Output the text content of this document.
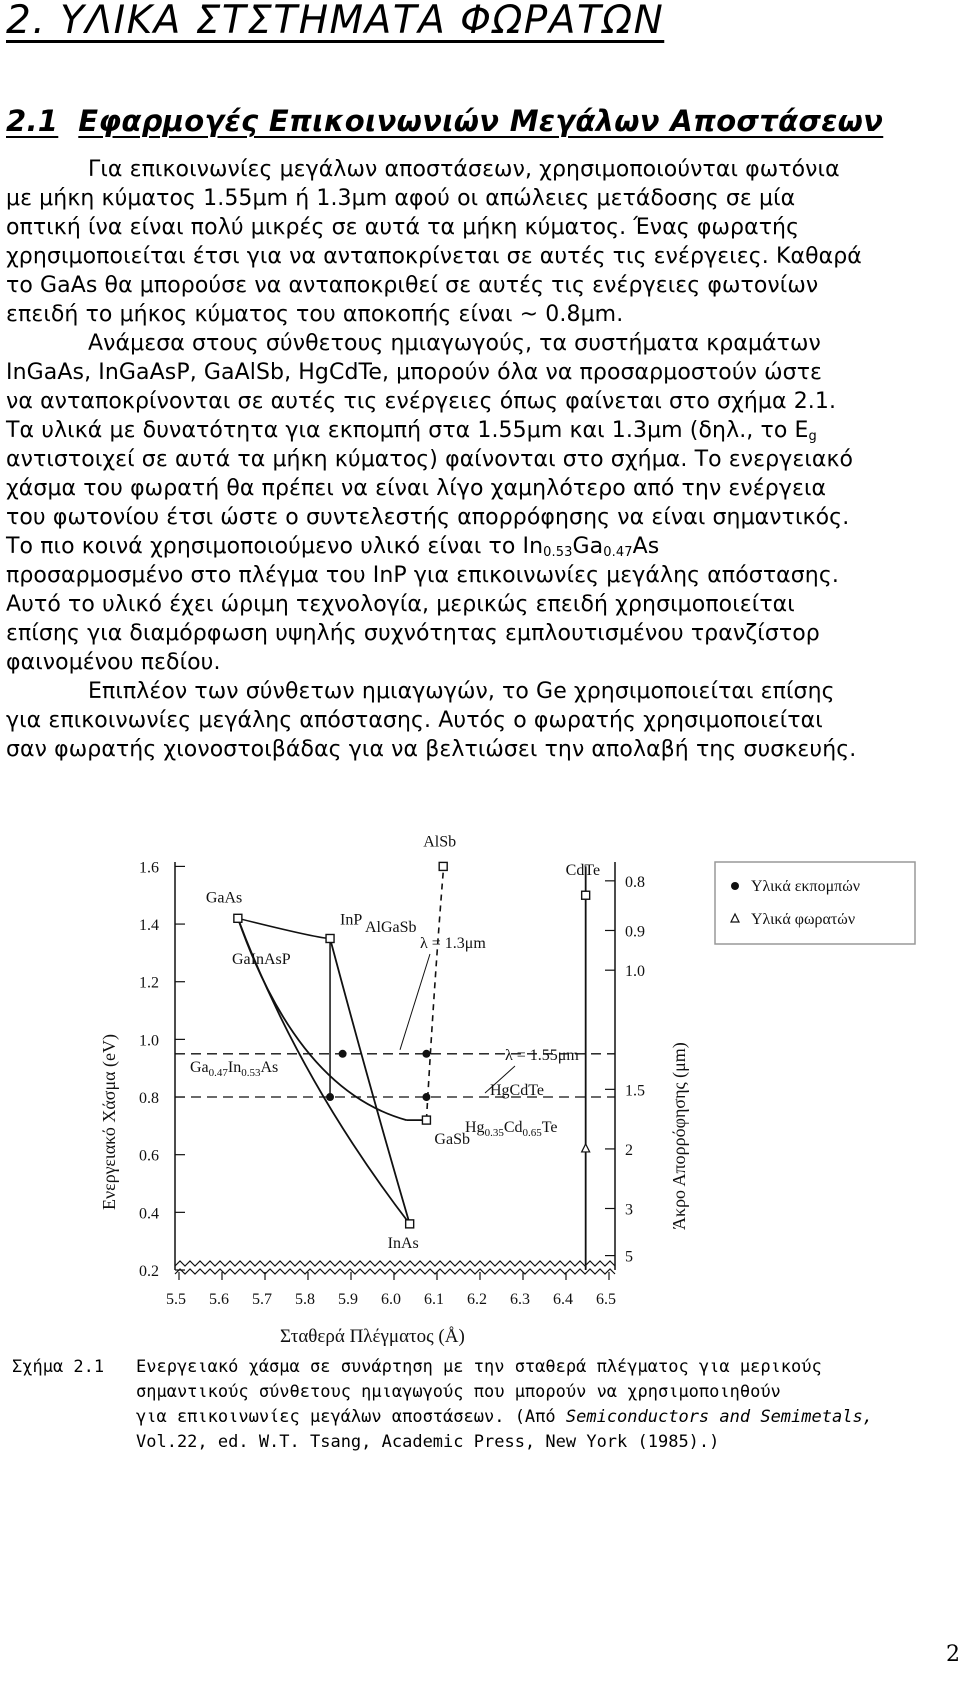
2. ΥΛΙΚΑ ΣΤΣΤΗΜΑΤΑ ΦΩΡΑΤΩΝ
2.1 Εφαρμογές Επικοινωνιών Μεγάλων Αποστάσεων
Για επικοινωνίες μεγάλων αποστάσεων, χρησιμοποιούνται φωτόνια
με μήκη κύματος 1.55μm ή 1.3μm αφού οι απώλειες μετάδοσης σε μία
οπτική ίνα είναι πολύ μικρές σε αυτά τα μήκη κύματος. Ένας φωρατής
χρησιμοποιείται έτσι για να ανταποκρίνεται σε αυτές τις ενέργειες. Καθαρά
το GaAs θα μπορούσε να ανταποκριθεί σε αυτές τις ενέργειες φωτονίων
επειδή το μήκος κύματος του αποκοπής είναι ~ 0.8μm.
Ανάμεσα στους σύνθετους ημιαγωγούς, τα συστήματα κραμάτων
InGaAs, InGaAsP, GaAlSb, HgCdTe, μπορούν όλα να προσαρμοστούν ώστε
να ανταποκρίνονται σε αυτές τις ενέργειες όπως φαίνεται στο σχήμα 2.1.
Τα υλικά με δυνατότητα για εκπομπή στα 1.55μm και 1.3μm (δηλ., το $E_g$
αντιστοιχεί σε αυτά τα μήκη κύματος) φαίνονται στο σχήμα. Το ενεργειακό
χάσμα του φωρατή θα πρέπει να είναι λίγο χαμηλότερο από την ενέργεια
του φωτονίου έτσι ώστε ο συντελεστής απορρόφησης να είναι σημαντικός.
Το πιο κοινά χρησιμοποιούμενο υλικό είναι το $In_{0.53}Ga_{0.47}As$
προσαρμοσμένο στο πλέγμα του InP για επικοινωνίες μεγάλης απόστασης.
Αυτό το υλικό έχει ώριμη τεχνολογία, μερικώς επειδή χρησιμοποιείται
επίσης για διαμόρφωση υψηλής συχνότητας εμπλουτισμένου τρανζίστορ
φαινομένου πεδίου.
Επιπλέον των σύνθετων ημιαγωγών, το Ge χρησιμοποιείται επίσης
για επικοινωνίες μεγάλης απόστασης. Αυτός ο φωρατής χρησιμοποιείται
σαν φωρατής χιονοστοιβάδας για να βελτιώσει την απολαβή της συσκευής.
0.2
0.4
0.6
0.8
1.0
1.2
1.4
1.6
5.5 5.6 5.7 5.8 5.9 6.0 6.1 6.2 6.3 6.4 6.5
0.8
0.9
1.0
1.5
2
3
5
Ενεργειακό Χάσμα (eV)	Άκρο Απορρόφησης (μm)
Σταθερά Πλέγματος (Å)
λ = 1.3μm
λ = 1.55μm
GaAs
InP
AlSb
CdTe
GaSb
InAs
GaInAsP
AlGaSb
HgCdTe
$Ga_{0.47}In_{0.53}As$
$Hg_{0.35}Cd_{0.65}Te$
Υλικά εκπομπών
Υλικά φωρατών
Σχήμα 2.1 Ενεργειακό χάσμα σε συνάρτηση με την σταθερά πλέγματος για μερικούς
σημαντικούς σύνθετους ημιαγωγούς που μπορούν να χρησιμοποιηθούν
για επικοινωνίες μεγάλων αποστάσεων. (Από Semiconductors and Semimetals,
Vol.22, ed. W.T. Tsang, Academic Press, New York (1985).)
2
